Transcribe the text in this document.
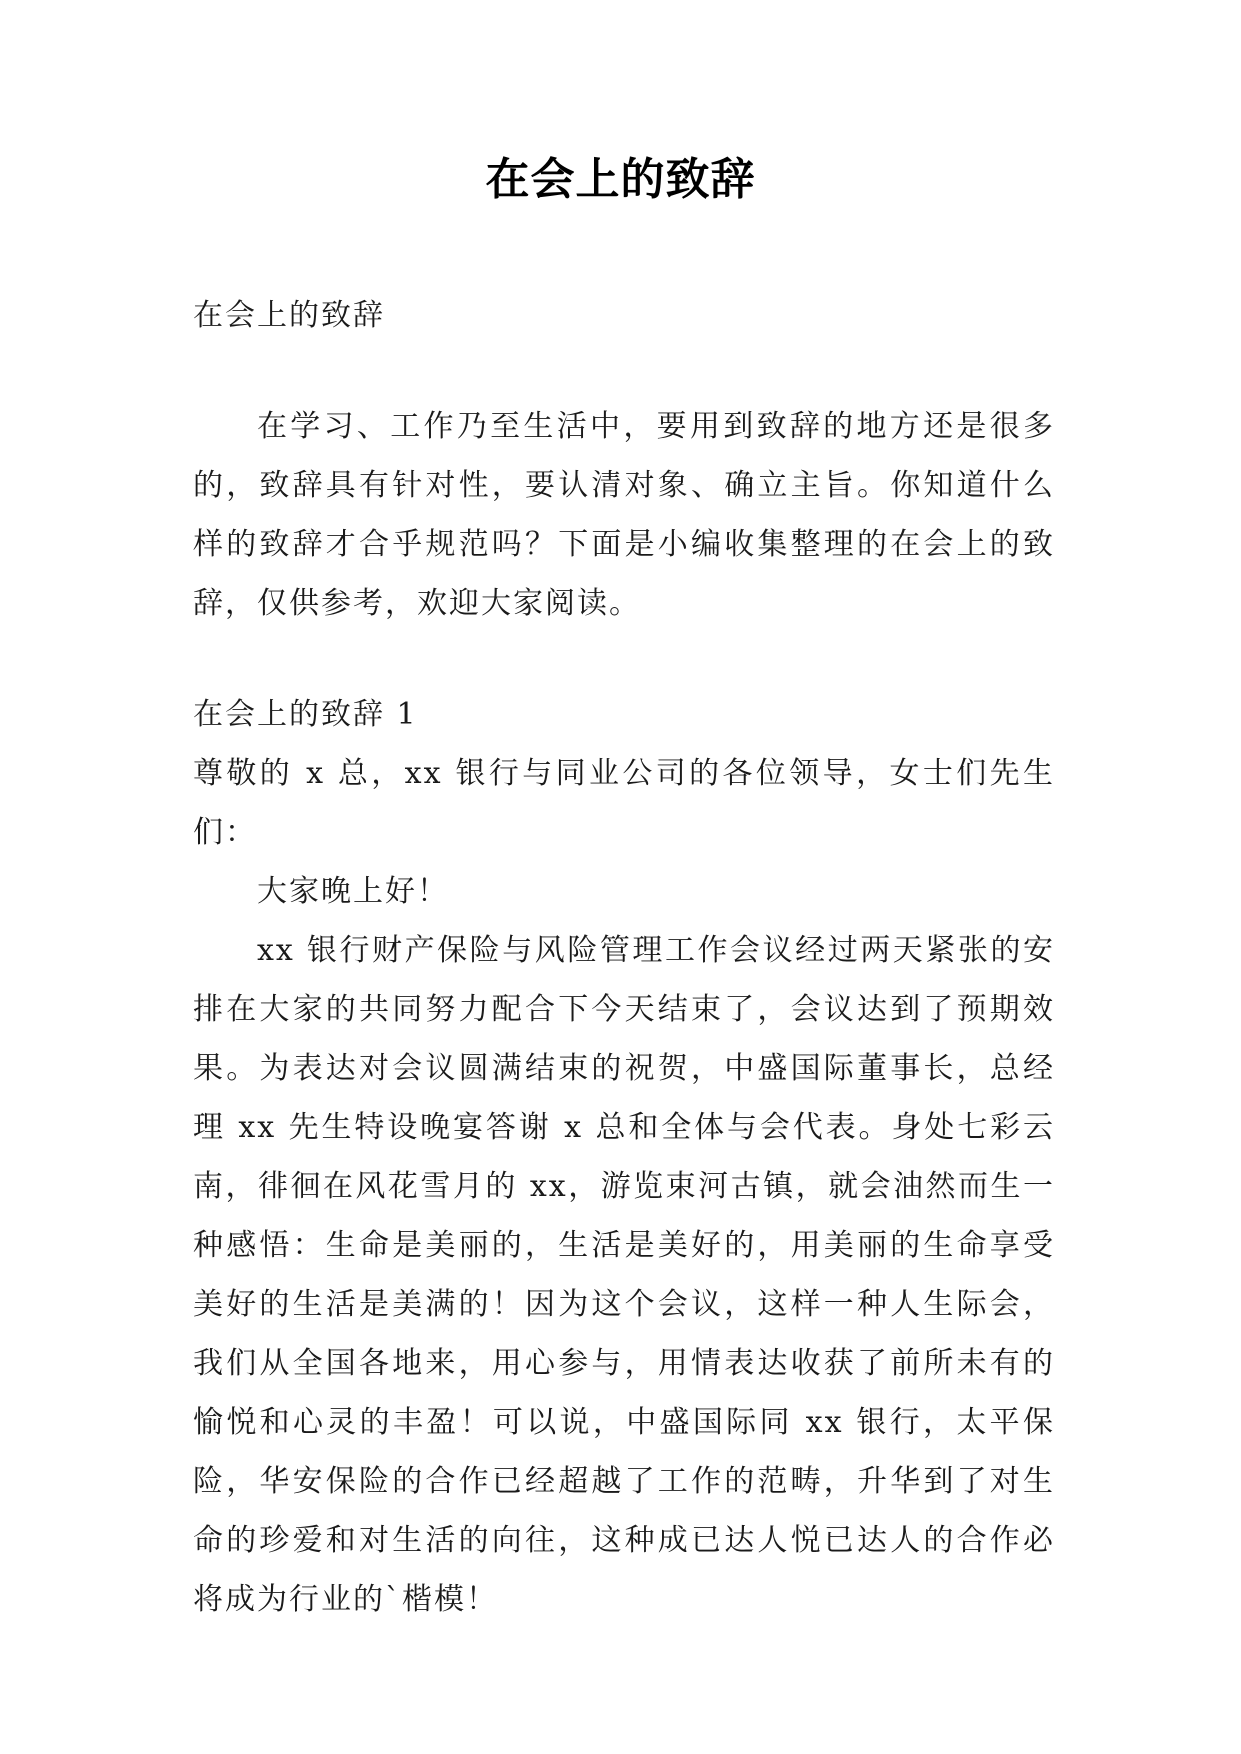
在会上的致辞

在会上的致辞

在学习、工作乃至生活中，要用到致辞的地方还是很多的，致辞具有针对性，要认清对象、确立主旨。你知道什么样的致辞才合乎规范吗？下面是小编收集整理的在会上的致辞，仅供参考，欢迎大家阅读。

在会上的致辞 1

尊敬的 x 总，xx 银行与同业公司的各位领导，女士们先生们：

大家晚上好！

xx 银行财产保险与风险管理工作会议经过两天紧张的安排在大家的共同努力配合下今天结束了，会议达到了预期效果。为表达对会议圆满结束的祝贺，中盛国际董事长，总经理 xx 先生特设晚宴答谢 x 总和全体与会代表。身处七彩云南，徘徊在风花雪月的 xx，游览束河古镇，就会油然而生一种感悟：生命是美丽的，生活是美好的，用美丽的生命享受美好的生活是美满的！因为这个会议，这样一种人生际会，我们从全国各地来，用心参与，用情表达收获了前所未有的愉悦和心灵的丰盈！可以说，中盛国际同 xx 银行，太平保险，华安保险的合作已经超越了工作的范畴，升华到了对生命的珍爱和对生活的向往，这种成已达人悦已达人的合作必将成为行业的`楷模！
